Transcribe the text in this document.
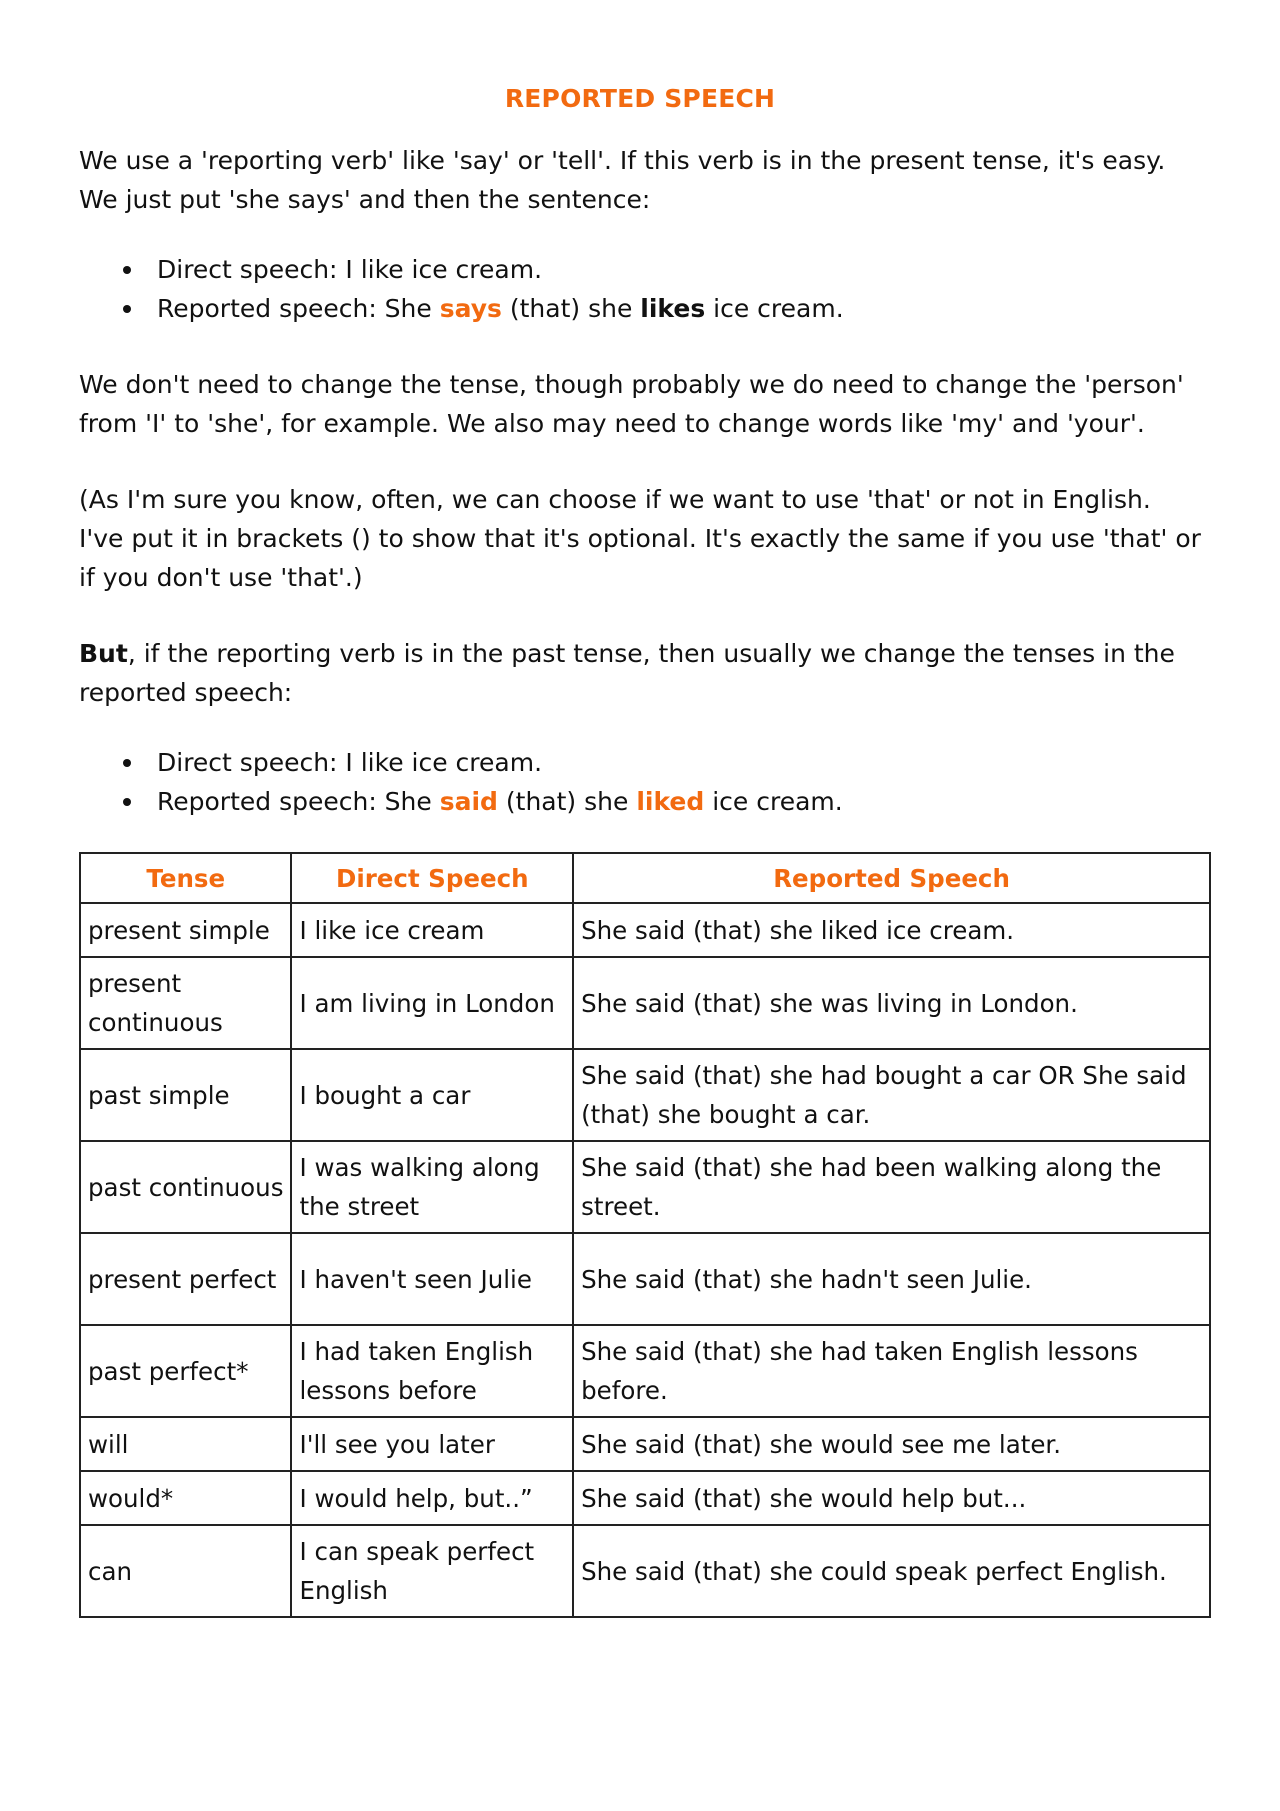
REPORTED SPEECH

We use a 'reporting verb' like 'say' or 'tell'. If this verb is in the present tense, it's easy. We just put 'she says' and then the sentence:

Direct speech: I like ice cream.
Reported speech: She says (that) she likes ice cream.

We don't need to change the tense, though probably we do need to change the 'person' from 'I' to 'she', for example. We also may need to change words like 'my' and 'your'.

(As I'm sure you know, often, we can choose if we want to use 'that' or not in English. I've put it in brackets () to show that it's optional. It's exactly the same if you use 'that' or if you don't use 'that'.)

But, if the reporting verb is in the past tense, then usually we change the tenses in the reported speech:

Direct speech: I like ice cream.
Reported speech: She said (that) she liked ice cream.
Tense	Direct Speech	Reported Speech
present simple	I like ice cream	She said (that) she liked ice cream.
present continuous	I am living in London	She said (that) she was living in London.
past simple	I bought a car	She said (that) she had bought a car OR She said (that) she bought a car.
past continuous	I was walking along the street	She said (that) she had been walking along the street.
present perfect	I haven't seen Julie	She said (that) she hadn't seen Julie.
past perfect*	I had taken English lessons before	She said (that) she had taken English lessons before.
will	I'll see you later	She said (that) she would see me later.
would*	I would help, but..”	She said (that) she would help but...
can	I can speak perfect English	She said (that) she could speak perfect English.
